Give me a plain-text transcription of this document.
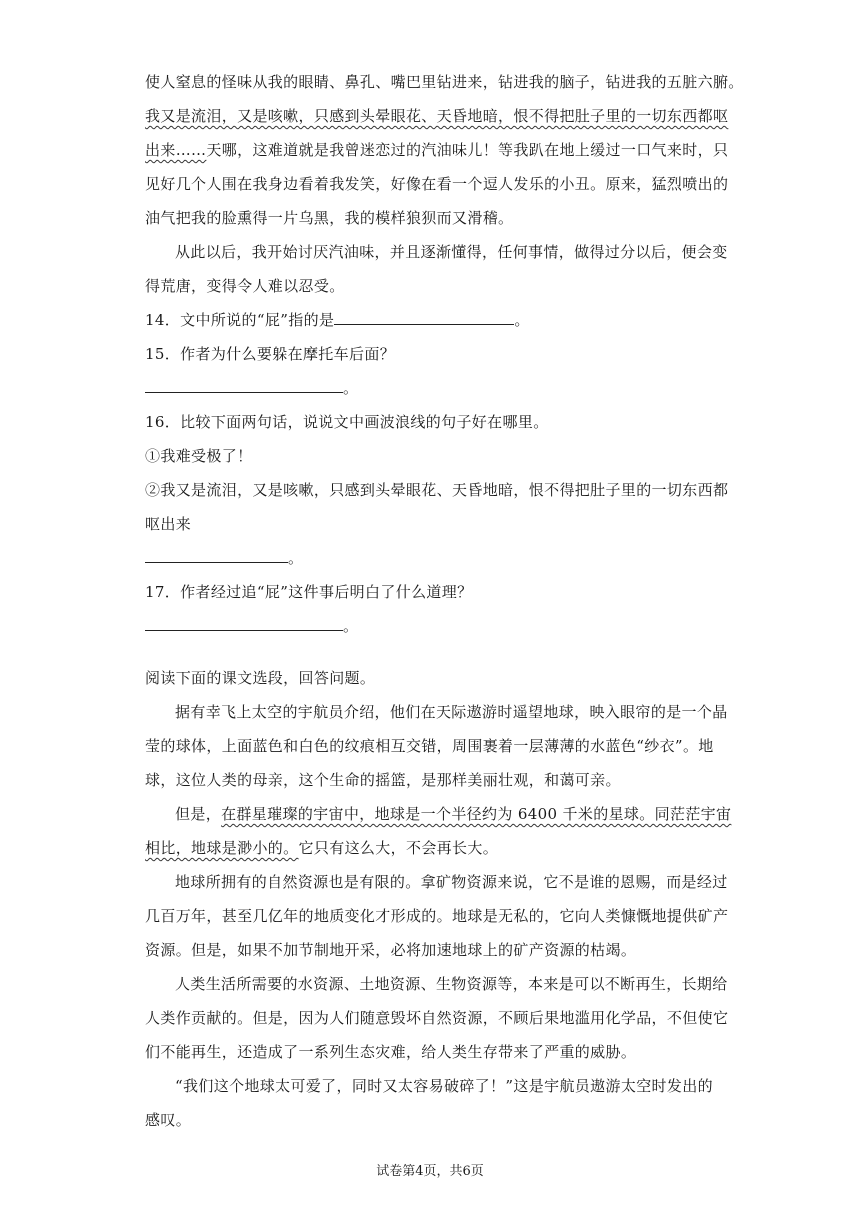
使人窒息的怪味从我的眼睛、鼻孔、嘴巴里钻进来，钻进我的脑子，钻进我的五脏六腑。
我又是流泪，又是咳嗽，只感到头晕眼花、天昏地暗，恨不得把肚子里的一切东西都呕
出来……天哪，这难道就是我曾迷恋过的汽油味儿！等我趴在地上缓过一口气来时，只
见好几个人围在我身边看着我发笑，好像在看一个逗人发乐的小丑。原来，猛烈喷出的
油气把我的脸熏得一片乌黑，我的模样狼狈而又滑稽。
从此以后，我开始讨厌汽油味，并且逐渐懂得，任何事情，做得过分以后，便会变
得荒唐，变得令人难以忍受。
14．文中所说的“屁”指的是	。
15．作者为什么要躲在摩托车后面？
。
16．比较下面两句话，说说文中画波浪线的句子好在哪里。
①我难受极了！
②我又是流泪，又是咳嗽，只感到头晕眼花、天昏地暗，恨不得把肚子里的一切东西都
呕出来
。
17．作者经过追“屁”这件事后明白了什么道理？
。
阅读下面的课文选段，回答问题。
据有幸飞上太空的宇航员介绍，他们在天际遨游时遥望地球，映入眼帘的是一个晶
莹的球体，上面蓝色和白色的纹痕相互交错，周围裹着一层薄薄的水蓝色“纱衣”。地
球，这位人类的母亲，这个生命的摇篮，是那样美丽壮观，和蔼可亲。
但是，在群星璀璨的宇宙中，地球是一个半径约为 6400 千米的星球。同茫茫宇宙
相比，地球是渺小的。它只有这么大，不会再长大。
地球所拥有的自然资源也是有限的。拿矿物资源来说，它不是谁的恩赐，而是经过
几百万年，甚至几亿年的地质变化才形成的。地球是无私的，它向人类慷慨地提供矿产
资源。但是，如果不加节制地开采，必将加速地球上的矿产资源的枯竭。
人类生活所需要的水资源、土地资源、生物资源等，本来是可以不断再生，长期给
人类作贡献的。但是，因为人们随意毁坏自然资源，不顾后果地滥用化学品，不但使它
们不能再生，还造成了一系列生态灾难，给人类生存带来了严重的威胁。
“我们这个地球太可爱了，同时又太容易破碎了！”这是宇航员遨游太空时发出的
感叹。
试卷第4页，共6页
